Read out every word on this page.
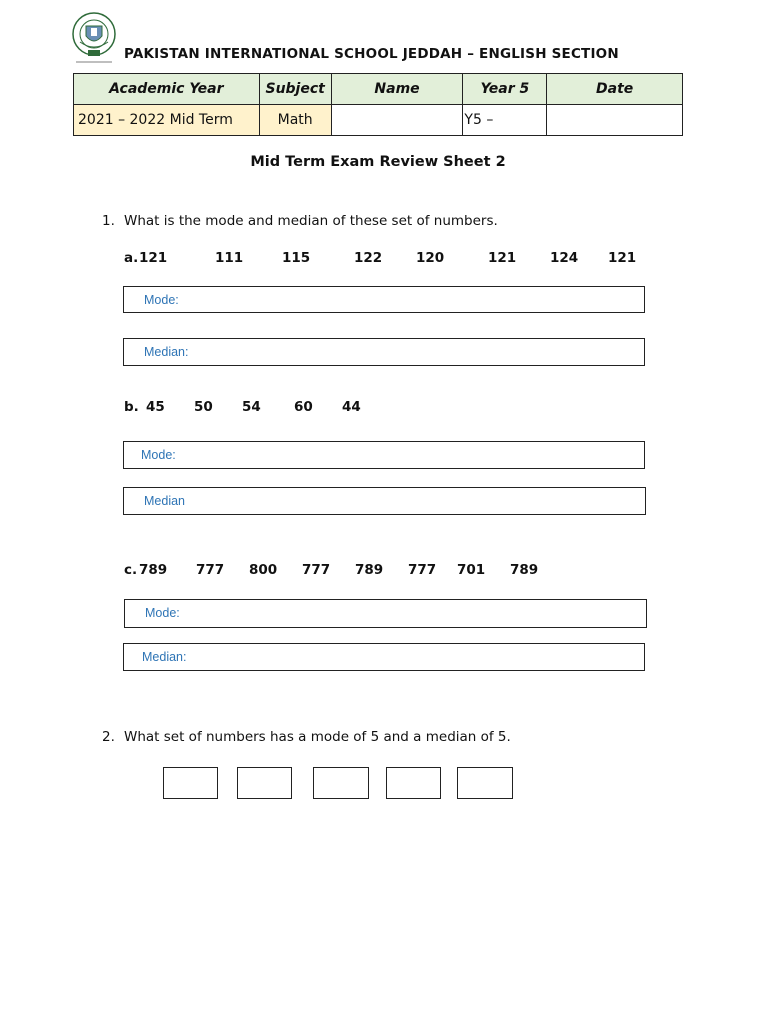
PAKISTAN INTERNATIONAL SCHOOL JEDDAH – ENGLISH SECTION
Academic Year	Subject	Name	Year 5	Date
2021 – 2022 Mid Term	Math		Y5 –	
Mid Term Exam Review Sheet 2
1. What is the mode and median of these set of numbers.
a. 121	111	115	122	120	121	124 121
Mode:
Median:
b. 45 50 54 60 44
Mode:
Median
c. 789 777 800 777 789 777 701 789
Mode:
Median:
2. What set of numbers has a mode of 5 and a median of 5.
